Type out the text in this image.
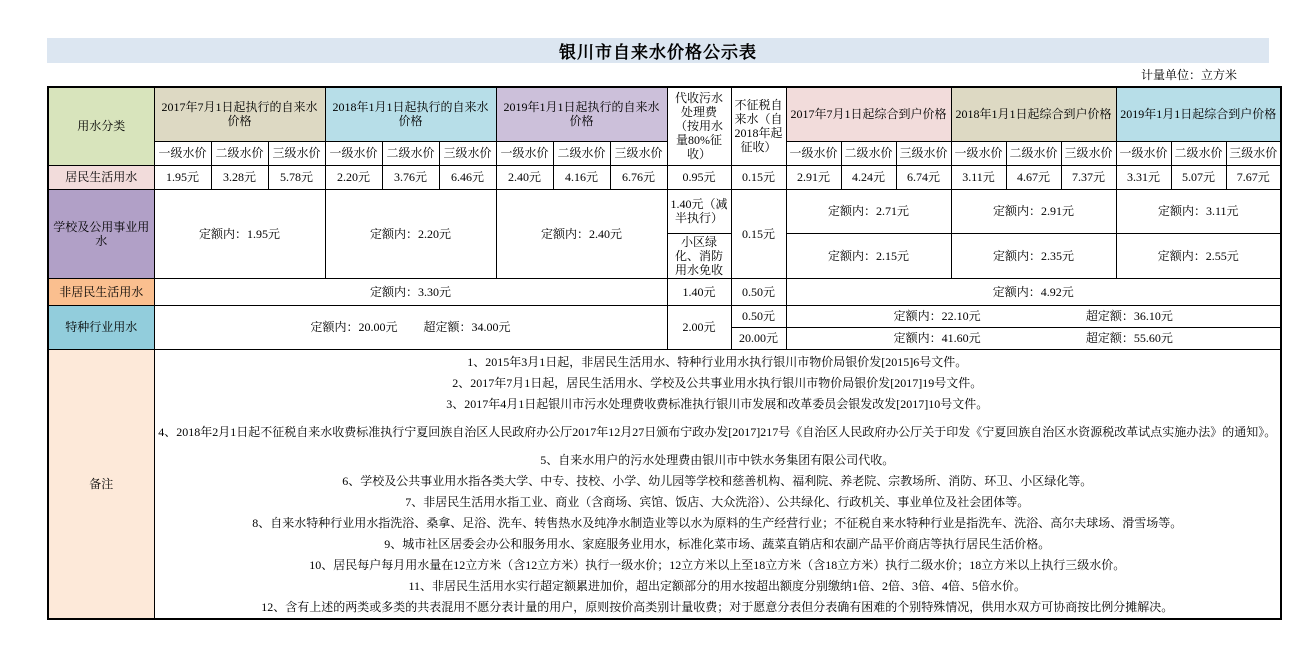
银川市自来水价格公示表
计量单位：立方米
用水分类	2017年7月1日起执行的自来水价格			2018年1月1日起执行的自来水价格			2019年1月1日起执行的自来水价格			代收污水处理费（按用水量80%征收）	不征税自来水（自2018年起征收）	2017年7月1日起综合到户价格			2018年1月1日起综合到户价格			2019年1月1日起综合到户价格		
	一级水价	二级水价	三级水价	一级水价	二级水价	三级水价	一级水价	二级水价	三级水价			一级水价	二级水价	三级水价	一级水价	二级水价	三级水价	一级水价	二级水价	三级水价
居民生活用水	1.95元	3.28元	5.78元	2.20元	3.76元	6.46元	2.40元	4.16元	6.76元	0.95元	0.15元	2.91元	4.24元	6.74元	3.11元	4.67元	7.37元	3.31元	5.07元	7.67元
学校及公用事业用水	定额内：1.95元			定额内：2.20元			定额内：2.40元			1.40元（减半执行）	0.15元	定额内：2.71元			定额内：2.91元			定额内：3.11元		
										小区绿化、消防用水免收		定额内：2.15元			定额内：2.35元			定额内：2.55元		
非居民生活用水	定额内：3.30元									1.40元	0.50元	定额内：4.92元								
特种行业用水	定额内：20.00元 超定额：34.00元									2.00元	0.50元	定额内：22.10元 超定额：36.10元								

											20.00元	定额内：41.60元 超定额：55.60元								

备注	
1、2015年3月1日起，非居民生活用水、特种行业用水执行银川市物价局银价发[2015]6号文件。
2、2017年7月1日起，居民生活用水、学校及公共事业用水执行银川市物价局银价发[2017]19号文件。
3、2017年4月1日起银川市污水处理费收费标准执行银川市发展和改革委员会银发改发[2017]10号文件。
4、2018年2月1日起不征税自来水收费标准执行宁夏回族自治区人民政府办公厅2017年12月27日颁布宁政办发[2017]217号《自治区人民政府办公厅关于印发《宁夏回族自治区水资源税改革试点实施办法》的通知》。
5、自来水用户的污水处理费由银川市中铁水务集团有限公司代收。
6、学校及公共事业用水指各类大学、中专、技校、小学、幼儿园等学校和慈善机构、福利院、养老院、宗教场所、消防、环卫、小区绿化等。
7、非居民生活用水指工业、商业（含商场、宾馆、饭店、大众洗浴）、公共绿化、行政机关、事业单位及社会团体等。
8、自来水特种行业用水指洗浴、桑拿、足浴、洗车、转售热水及纯净水制造业等以水为原料的生产经营行业；不征税自来水特种行业是指洗车、洗浴、高尔夫球场、滑雪场等。
9、城市社区居委会办公和服务用水、家庭服务业用水，标准化菜市场、蔬菜直销店和农副产品平价商店等执行居民生活价格。
10、居民每户每月用水量在12立方米（含12立方米）执行一级水价；12立方米以上至18立方米（含18立方米）执行二级水价；18立方米以上执行三级水价。
11、非居民生活用水实行超定额累进加价，超出定额部分的用水按超出额度分别缴纳1倍、2倍、3倍、4倍、5倍水价。
12、含有上述的两类或多类的共表混用不愿分表计量的用户，原则按价高类别计量收费；对于愿意分表但分表确有困难的个别特殊情况，供用水双方可协商按比例分摊解决。
